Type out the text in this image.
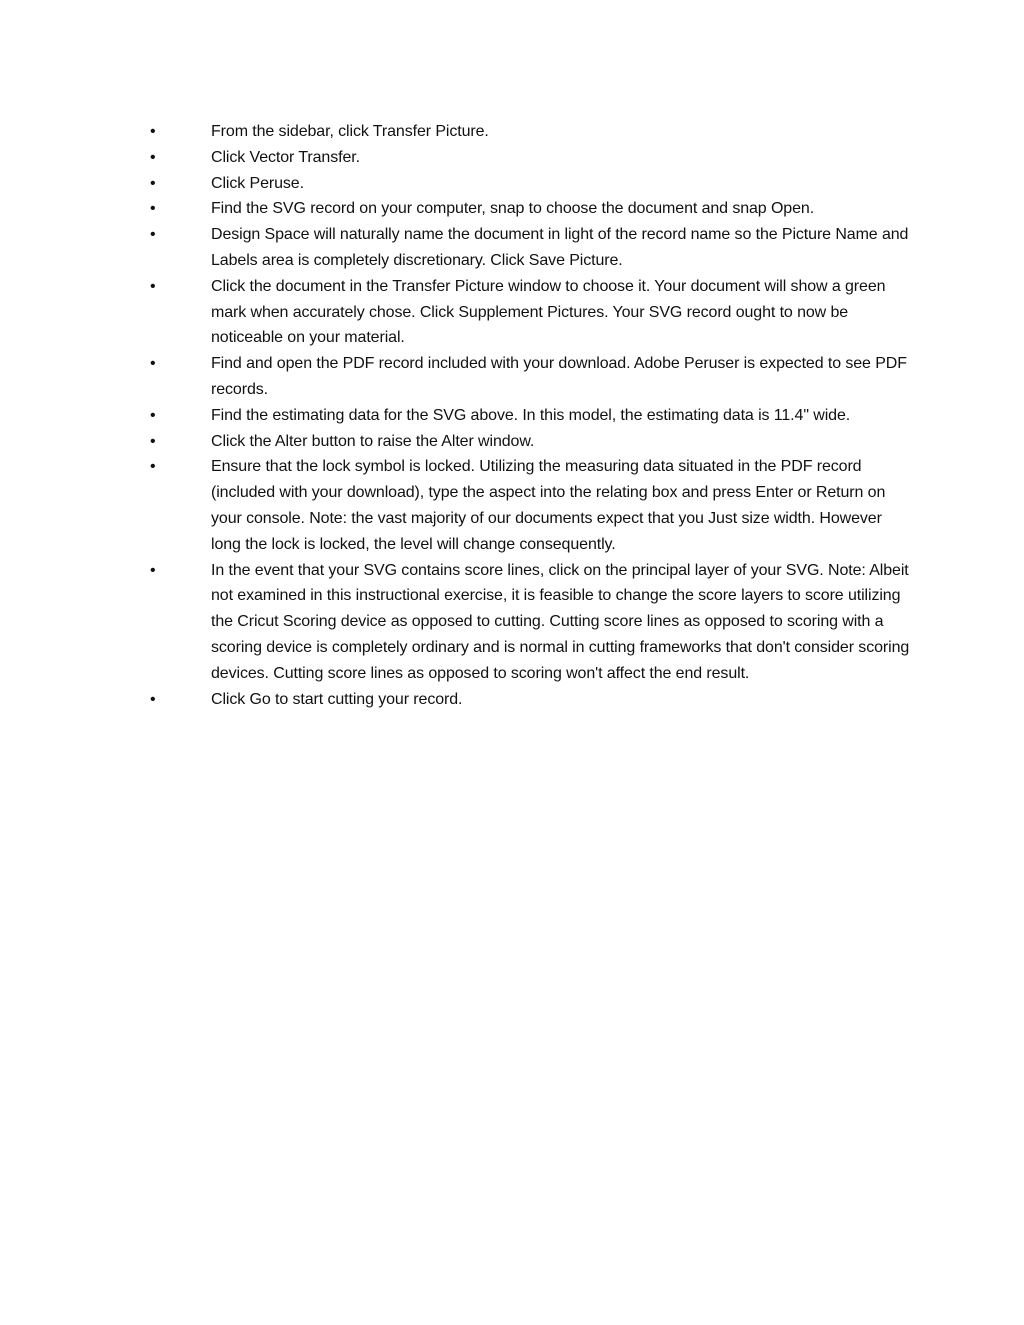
•	From the sidebar, click Transfer Picture.
•	Click Vector Transfer.
•	Click Peruse.
•	Find the SVG record on your computer, snap to choose the document and snap Open.
•	Design Space will naturally name the document in light of the record name so the Picture Name and Labels area is completely discretionary. Click Save Picture.
•	Click the document in the Transfer Picture window to choose it. Your document will show a green mark when accurately chose. Click Supplement Pictures. Your SVG record ought to now be noticeable on your material.
•	Find and open the PDF record included with your download. Adobe Peruser is expected to see PDF records.
•	Find the estimating data for the SVG above. In this model, the estimating data is 11.4" wide.
•	Click the Alter button to raise the Alter window.
•	Ensure that the lock symbol is locked. Utilizing the measuring data situated in the PDF record (included with your download), type the aspect into the relating box and press Enter or Return on your console. Note: the vast majority of our documents expect that you Just size width. However long the lock is locked, the level will change consequently.
•	In the event that your SVG contains score lines, click on the principal layer of your SVG. Note: Albeit not examined in this instructional exercise, it is feasible to change the score layers to score utilizing the Cricut Scoring device as opposed to cutting. Cutting score lines as opposed to scoring with a scoring device is completely ordinary and is normal in cutting frameworks that don't consider scoring devices. Cutting score lines as opposed to scoring won't affect the end result.
•	Click Go to start cutting your record.
